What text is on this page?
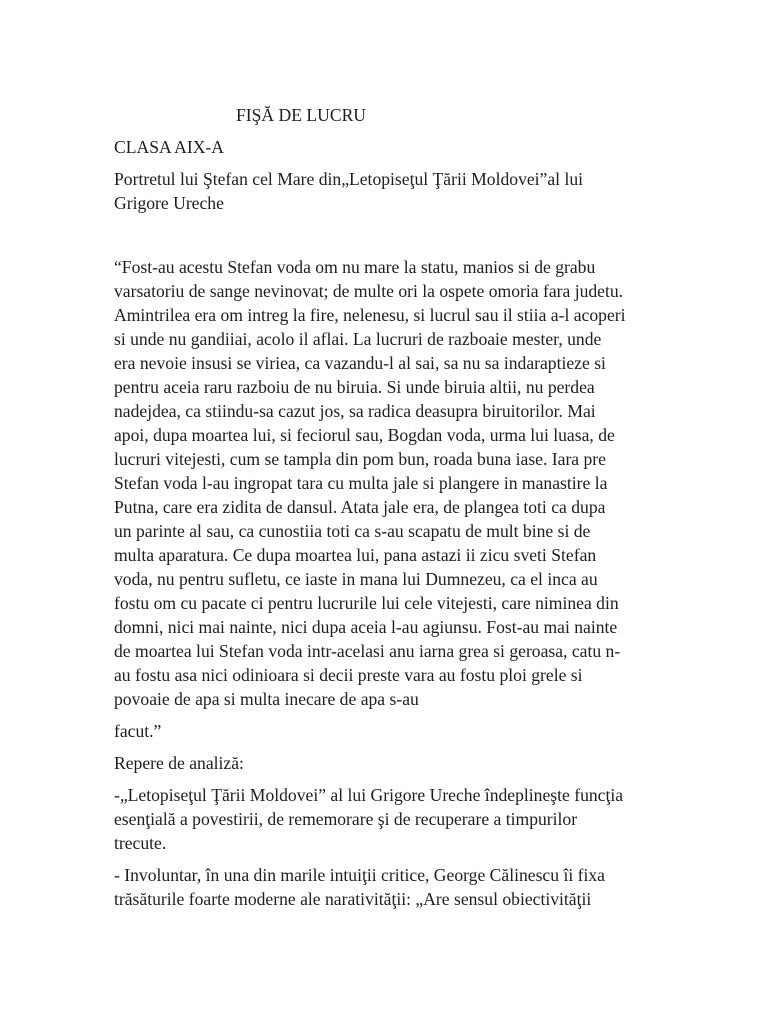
FIŞĂ DE LUCRU
CLASA AIX-A
Portretul lui Ştefan cel Mare din„Letopiseţul Ţării Moldovei”al lui
Grigore Ureche
“Fost-au acestu Stefan voda om nu mare la statu, manios si de grabu
varsatoriu de sange nevinovat; de multe ori la ospete omoria fara judetu.
Amintrilea era om intreg la fire, nelenesu, si lucrul sau il stiia a-l acoperi
si unde nu gandiiai, acolo il aflai. La lucruri de razboaie mester, unde
era nevoie insusi se viriea, ca vazandu-l al sai, sa nu sa indaraptieze si
pentru aceia raru razboiu de nu biruia. Si unde biruia altii, nu perdea
nadejdea, ca stiindu-sa cazut jos, sa radica deasupra biruitorilor. Mai
apoi, dupa moartea lui, si feciorul sau, Bogdan voda, urma lui luasa, de
lucruri vitejesti, cum se tampla din pom bun, roada buna iase. Iara pre
Stefan voda l-au ingropat tara cu multa jale si plangere in manastire la
Putna, care era zidita de dansul. Atata jale era, de plangea toti ca dupa
un parinte al sau, ca cunostiia toti ca s-au scapatu de mult bine si de
multa aparatura. Ce dupa moartea lui, pana astazi ii zicu sveti Stefan
voda, nu pentru sufletu, ce iaste in mana lui Dumnezeu, ca el inca au
fostu om cu pacate ci pentru lucrurile lui cele vitejesti, care niminea din
domni, nici mai nainte, nici dupa aceia l-au agiunsu. Fost-au mai nainte
de moartea lui Stefan voda intr-acelasi anu iarna grea si geroasa, catu n-
au fostu asa nici odinioara si decii preste vara au fostu ploi grele si
povoaie de apa si multa inecare de apa s-au
facut.”
Repere de analiză:
-„Letopiseţul Ţării Moldovei” al lui Grigore Ureche îndeplineşte funcţia
esenţială a povestirii, de rememorare şi de recuperare a timpurilor
trecute.
- Involuntar, în una din marile intuiţii critice, George Călinescu îi fixa
trăsăturile foarte moderne ale narativităţii: „Are sensul obiectivităţii
